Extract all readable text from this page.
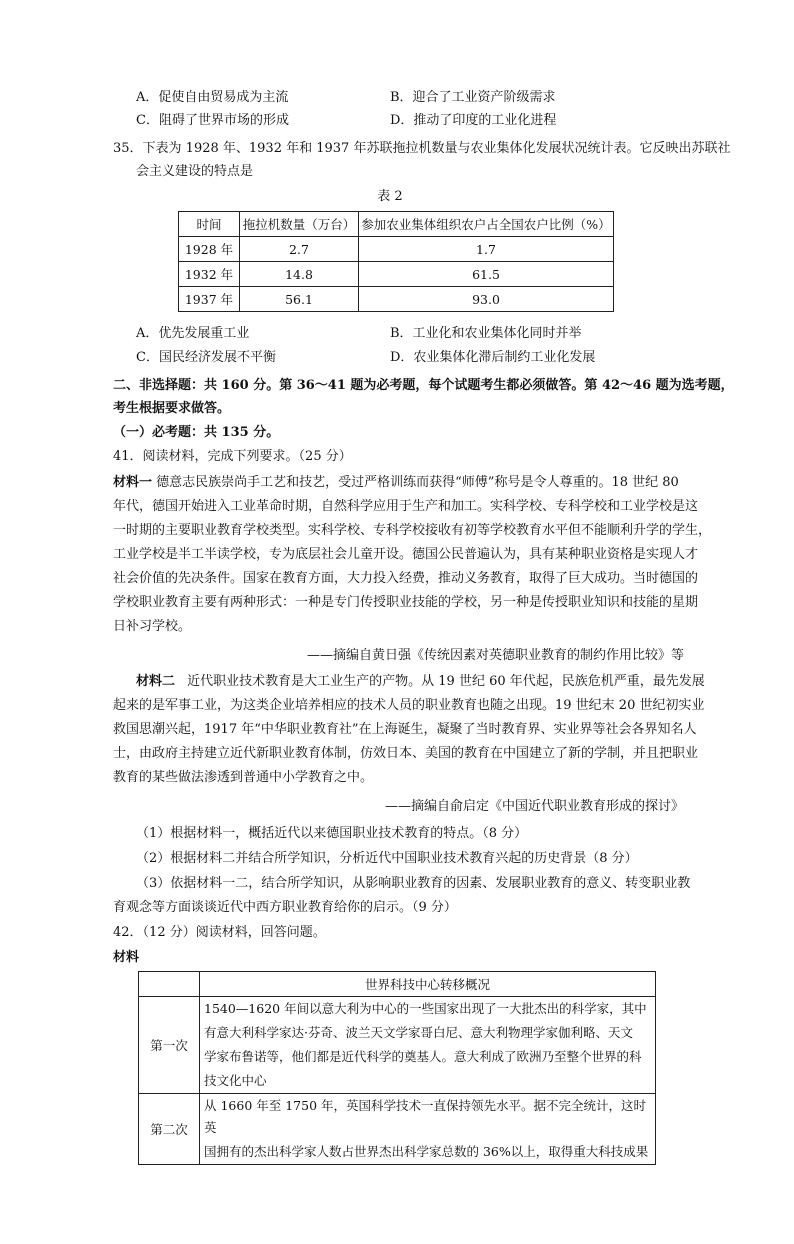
A．促使自由贸易成为主流	B．迎合了工业资产阶级需求
C．阻碍了世界市场的形成	D．推动了印度的工业化进程
35．下表为 1928 年、1932 年和 1937 年苏联拖拉机数量与农业集体化发展状况统计表。它反映出苏联社
会主义建设的特点是
表 2
时间	拖拉机数量（万台）	参加农业集体组织农户占全国农户比例（%）
1928 年	2.7	1.7
1932 年	14.8	61.5
1937 年	56.1	93.0
A．优先发展重工业	B．工业化和农业集体化同时并举
C．国民经济发展不平衡	D．农业集体化滞后制约工业化发展
二、非选择题：共 160 分。第 36～41 题为必考题，每个试题考生都必须做答。第 42～46 题为选考题，
考生根据要求做答。
（一）必考题：共 135 分。
41．阅读材料，完成下列要求。（25 分）
材料一 德意志民族崇尚手工艺和技艺，受过严格训练而获得“师傅”称号是令人尊重的。18 世纪 80
年代，德国开始进入工业革命时期，自然科学应用于生产和加工。实科学校、专科学校和工业学校是这
一时期的主要职业教育学校类型。实科学校、专科学校接收有初等学校教育水平但不能顺利升学的学生，
工业学校是半工半读学校，专为底层社会儿童开设。德国公民普遍认为，具有某种职业资格是实现人才
社会价值的先决条件。国家在教育方面，大力投入经费，推动义务教育，取得了巨大成功。当时德国的
学校职业教育主要有两种形式：一种是专门传授职业技能的学校，另一种是传授职业知识和技能的星期
日补习学校。
——摘编自黄日强《传统因素对英德职业教育的制约作用比较》等
材料二 近代职业技术教育是大工业生产的产物。从 19 世纪 60 年代起，民族危机严重，最先发展
起来的是军事工业，为这类企业培养相应的技术人员的职业教育也随之出现。19 世纪末 20 世纪初实业
救国思潮兴起，1917 年“中华职业教育社”在上海诞生，凝聚了当时教育界、实业界等社会各界知名人
士，由政府主持建立近代新职业教育体制，仿效日本、美国的教育在中国建立了新的学制，并且把职业
教育的某些做法渗透到普通中小学教育之中。
——摘编自俞启定《中国近代职业教育形成的探讨》
（1）根据材料一，概括近代以来德国职业技术教育的特点。（8 分）
（2）根据材料二并结合所学知识，分析近代中国职业技术教育兴起的历史背景（8 分）
（3）依据材料一二，结合所学知识，从影响职业教育的因素、发展职业教育的意义、转变职业教
育观念等方面谈谈近代中西方职业教育给你的启示。（9 分）
42．（12 分）阅读材料，回答问题。
材料
	世界科技中心转移概况
第一次	1540—1620 年间以意大利为中心的一些国家出现了一大批杰出的科学家，其中
有意大利科学家达·芬奇、波兰天文学家哥白尼、意大利物理学家伽利略、天文
学家布鲁诺等，他们都是近代科学的奠基人。意大利成了欧洲乃至整个世界的科
技文化中心

第二次	从 1660 年至 1750 年，英国科学技术一直保持领先水平。据不完全统计，这时英
国拥有的杰出科学家人数占世界杰出科学家总数的 36%以上，取得重大科技成果
